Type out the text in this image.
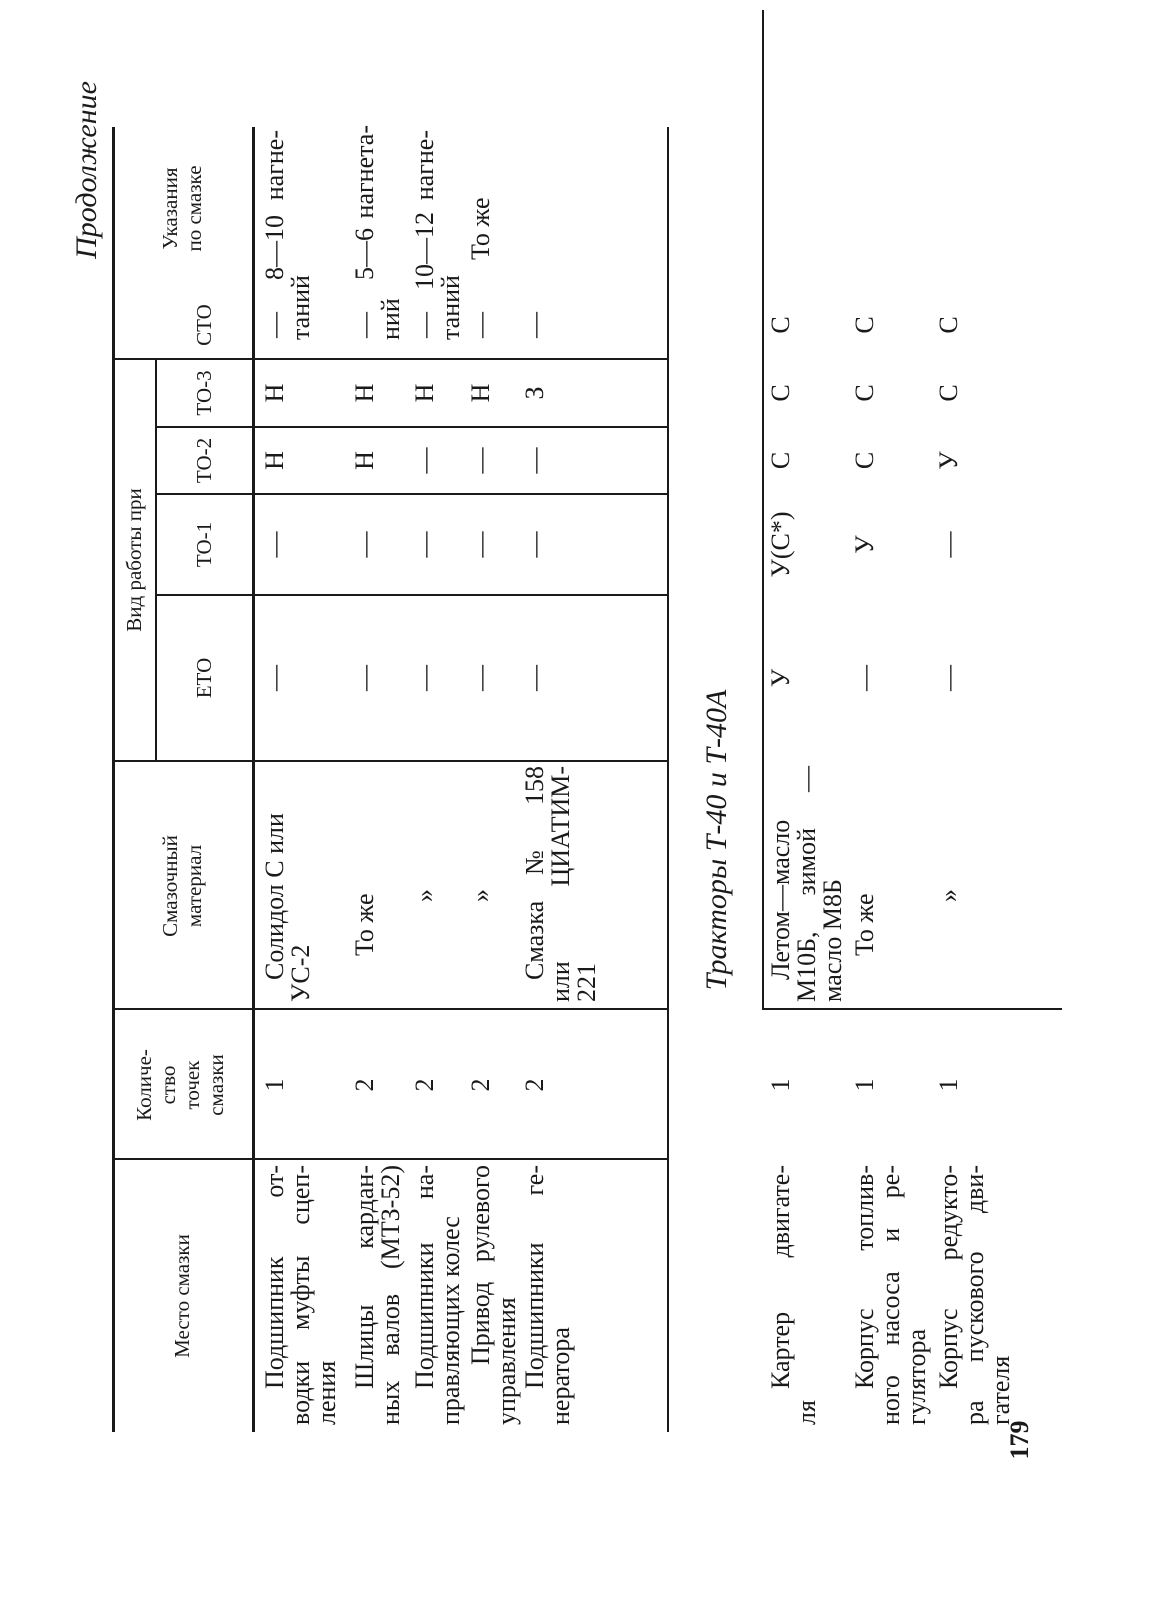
Продолжение
Место смазки
Количе- ство точек смазки
Смазочный материал
Вид работы при
ЕТО
ТО-1
ТО-2
ТО-3
СТО
Указания по смазке
Подшипник от-
водки муфты сцеп-
ления
1
Солидол С или
УС-2
—
—
Н
Н
—
8—10 нагне-
таний
Шлицы кардан-
ных валов (МТЗ-52)
2
То же
—
—
Н
Н
—
5—6 нагнета-
ний
Подшипники на-
правляющих колес
2
»
—
—
—
Н
—
10—12 нагне-
таний
Привод рулевого
управления
2
»
—
—
—
Н
—
То же
Подшипники ге-
нератора
2
Смазка № 158
или ЦИАТИМ-
221
—
—
—
З
—
Тракторы Т-40 и Т-40А
Картер двигате-
ля
1
Летом—масло
М10Б, зимой —
масло М8Б
У
У(С*)
С
С
С
Корпус топлив-
ного насоса и ре-
гулятора
1
То же
—
У
С
С
С
Корпус редукто-
ра пускового дви-
гателя
1
»
—
—
У
С
С
179
